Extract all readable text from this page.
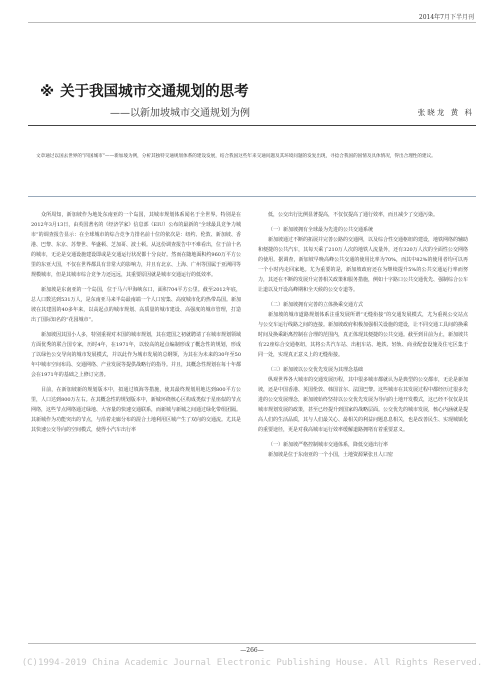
2014年7月下半月刊
※ 关于我国城市交通规划的思考
——以新加坡城市交通规划为例	张晓龙 黄 科
文章通过以国去世界的“四国城市”——新加坡为例，分析其独特交通规划体系的建设发展，结合我国这些年来交通问题及其环境问题的发复出现，寻捻合我国的国情及具体情况，得出合理性的建议。

众所周知，新加坡作为地处东南亚的一个岛国，其城市规划体系闻名于全世界。特别是在2012年3月13日，由英国著名的《经济学家》信息部（EIU）公布的最新的“全球最具竞争力城市”的调查报告显示：在全球城市的综合竞争力排名前十位的依次是：纽约、伦敦、新加坡、香港、巴黎、东京、苏黎世、华盛顿、芝加哥、波士顿。从这份调查报告中不难看出，位于前十名的城市，无论是交通设施建设即或是交通运行状况都十分良好。然而在随地面积约960万平方公里的东亚大国，不仅在世界都具有非常大的影响力，并且有北京、上海、广州等国属于亚洲同等规模城市，但是其城市综合竞争力还远远，其重要原因就是城市交通运行的低效率。

新加坡是东南亚的一个岛国，位于马六甲海峡东口，面积704平方公里。截至2012年底，总人口数达到531万人，是东南亚马来半岛最南端一个人口密集、高度城市化的热带岛国。新加坡在其建国的40多年来，以高起点的城市规划、高质量的城市建设、高强度的城市管理，打造出了国际知名的“花园城市”。

新加坡因其国小人多，特别重视对本国的城市规划，其在建国之初就聘请了在城市规划领域方面优秀的联合国专家，历时4年，在1971年，以较高的起点编制形成了概念性的规划，形成了以绿色公交导向的城市发展模式，并以此作为城市发展的总纲领，为其在为未来的30年至50年中城市空间布局、交通网络、产业发展等提供战略行的指导。并且，其概念性规划在每十年都会在1971年的基础之上修订完善。

目前，在新加坡新的规划版本中，拟通过填海等措施，使其最终规划用地达到800平方公里，人口达到800万左右。在其概念性的规划版本中，新城环绕核心区构成类似于星座似的节点网络，这些节点网络通过绿地、大容量的快速交通联系，而新城与新城之间通过绿化带组团隔。其新城作为功能突出的节点，与沿着走廊分布的混合土地利用区城产生了双向的交通流。尤其是其快速公交导向的空间模式，使得小汽车出行率

低，公交出行比例显著提高，不仅仅提高了通行效率，而且减少了交通污染。

（一）新加坡拥有全球最为先进的公共交通系统

新加坡通过不断的拓展并完善公路的交通网，以及综合性交通枢纽的建设，地铁网络的辅助和便捷的公共汽车，其每天乘了210万人次的地铁人流量外，还有320万人次的全面性公交网络的使用。据调查，新加坡早晚高峰公共交通的使用比率为70%，而其中82%的使用者均可以再一个小时内走回家地。尤为重要的是，新加坡政府还在为继续提升5%的公共交通运行率而努力，其还在不断的发展升完善相关政策和服务措施，例如十字路口公共交通优先、强制综合公车让道以及开设高峰期和全天候的公交专道等。

（二）新加坡拥有完善的立体换乘交通方式

新加坡的城市道路规划体系注重发展所谓“无缝衔接”的交通发展模式，尤为重视公交站点与公交车运行线路之间的连接。新加坡政府积极加强相关设施的建设，让不同交通工具间的换乘时间及换乘距离控制在合理的范围内，真正体现其便捷的公共交通。截至到目前为止，新加坡共有22座综合交通枢纽，其将公共汽车站、出租车站、地铁、轻轨、商业配套设施及住宅区集于同一处，实现真正意义上的无缝衔接。

（三）新加坡以公交优先发展为其理念基础

纵观世界各大城市的交通发展历程，其中很多城市都就认为是典型的公交都市，无论是新加坡，还是中国香港、英国伦敦、韩国首尔、法国巴黎。这些城市在其发展过程中都经历过很多先进的公交发展理念，新加坡始终坚持以公交优先发展为导向的土地开发模式，这已经不仅仅是其城市规划发展的政策，甚至已经提升到国家的战略层面。公交优先的城市发展，核心内涵就是提高人们的生活品质，其与人们最关心、最相关的利益问题息息相关，也是改善民生、实现城镇化的重要途径，更是对我高城市运行效率缓解道路拥堵有着重要意义。

（一）新加坡严格控制城市交通体系，降低交通出行率

新加坡是位于东南亚的一个小国，土地资源紧张且人口密

—266—
(C)1994-2019 China Academic Journal Electronic Publishing House. All Rights Reserved.
